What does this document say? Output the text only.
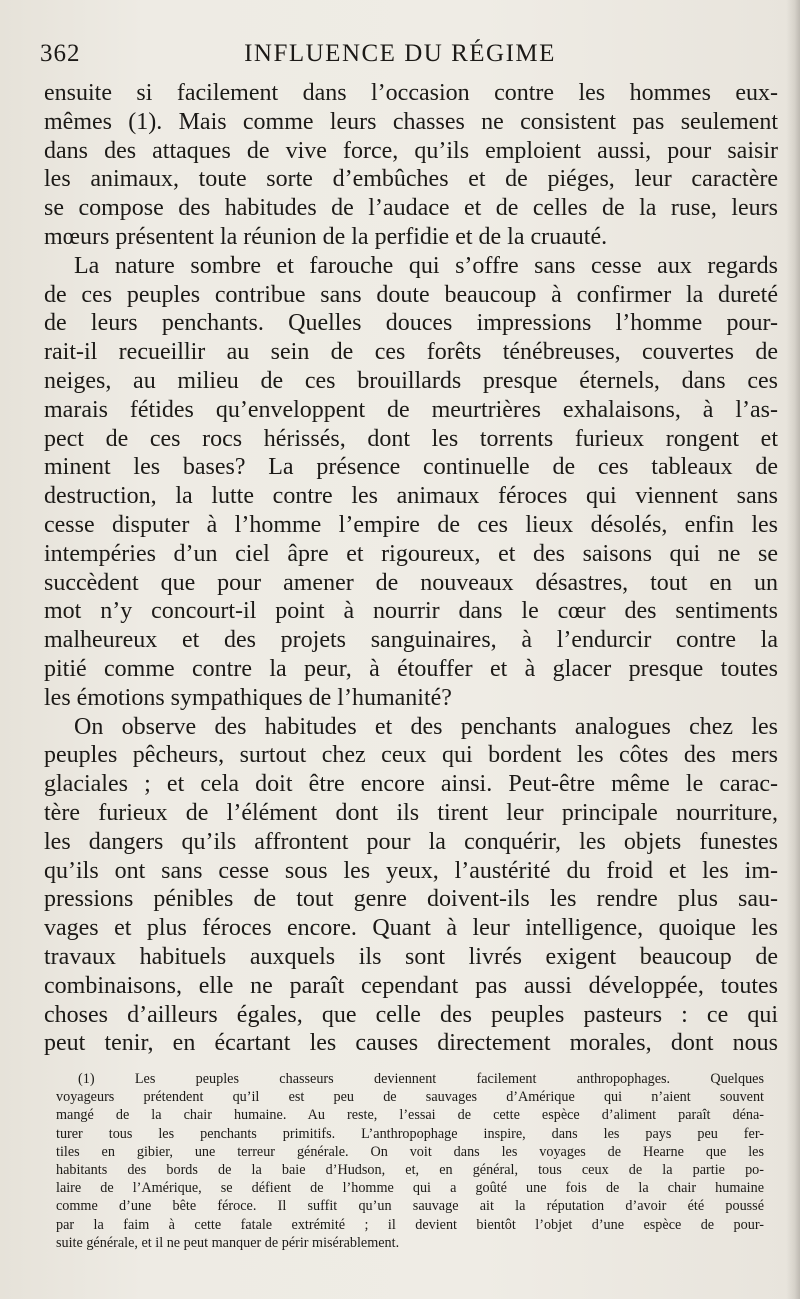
362	INFLUENCE DU RÉGIME
ensuite si facilement dans l’occasion contre les hommes eux-
mêmes (1). Mais comme leurs chasses ne consistent pas seulement
dans des attaques de vive force, qu’ils emploient aussi, pour saisir
les animaux, toute sorte d’embûches et de piéges, leur caractère
se compose des habitudes de l’audace et de celles de la ruse, leurs
mœurs présentent la réunion de la perfidie et de la cruauté.
La nature sombre et farouche qui s’offre sans cesse aux regards
de ces peuples contribue sans doute beaucoup à confirmer la dureté
de leurs penchants. Quelles douces impressions l’homme pour-
rait-il recueillir au sein de ces forêts ténébreuses, couvertes de
neiges, au milieu de ces brouillards presque éternels, dans ces
marais fétides qu’enveloppent de meurtrières exhalaisons, à l’as-
pect de ces rocs hérissés, dont les torrents furieux rongent et
minent les bases? La présence continuelle de ces tableaux de
destruction, la lutte contre les animaux féroces qui viennent sans
cesse disputer à l’homme l’empire de ces lieux désolés, enfin les
intempéries d’un ciel âpre et rigoureux, et des saisons qui ne se
succèdent que pour amener de nouveaux désastres, tout en un
mot n’y concourt-il point à nourrir dans le cœur des sentiments
malheureux et des projets sanguinaires, à l’endurcir contre la
pitié comme contre la peur, à étouffer et à glacer presque toutes
les émotions sympathiques de l’humanité?
On observe des habitudes et des penchants analogues chez les
peuples pêcheurs, surtout chez ceux qui bordent les côtes des mers
glaciales ; et cela doit être encore ainsi. Peut-être même le carac-
tère furieux de l’élément dont ils tirent leur principale nourriture,
les dangers qu’ils affrontent pour la conquérir, les objets funestes
qu’ils ont sans cesse sous les yeux, l’austérité du froid et les im-
pressions pénibles de tout genre doivent-ils les rendre plus sau-
vages et plus féroces encore. Quant à leur intelligence, quoique les
travaux habituels auxquels ils sont livrés exigent beaucoup de
combinaisons, elle ne paraît cependant pas aussi développée, toutes
choses d’ailleurs égales, que celle des peuples pasteurs : ce qui
peut tenir, en écartant les causes directement morales, dont nous
(1) Les peuples chasseurs deviennent facilement anthropophages. Quelques
voyageurs prétendent qu’il est peu de sauvages d’Amérique qui n’aient souvent
mangé de la chair humaine. Au reste, l’essai de cette espèce d’aliment paraît déna-
turer tous les penchants primitifs. L’anthropophage inspire, dans les pays peu fer-
tiles en gibier, une terreur générale. On voit dans les voyages de Hearne que les
habitants des bords de la baie d’Hudson, et, en général, tous ceux de la partie po-
laire de l’Amérique, se défient de l’homme qui a goûté une fois de la chair humaine
comme d’une bête féroce. Il suffit qu’un sauvage ait la réputation d’avoir été poussé
par la faim à cette fatale extrémité ; il devient bientôt l’objet d’une espèce de pour-
suite générale, et il ne peut manquer de périr misérablement.
